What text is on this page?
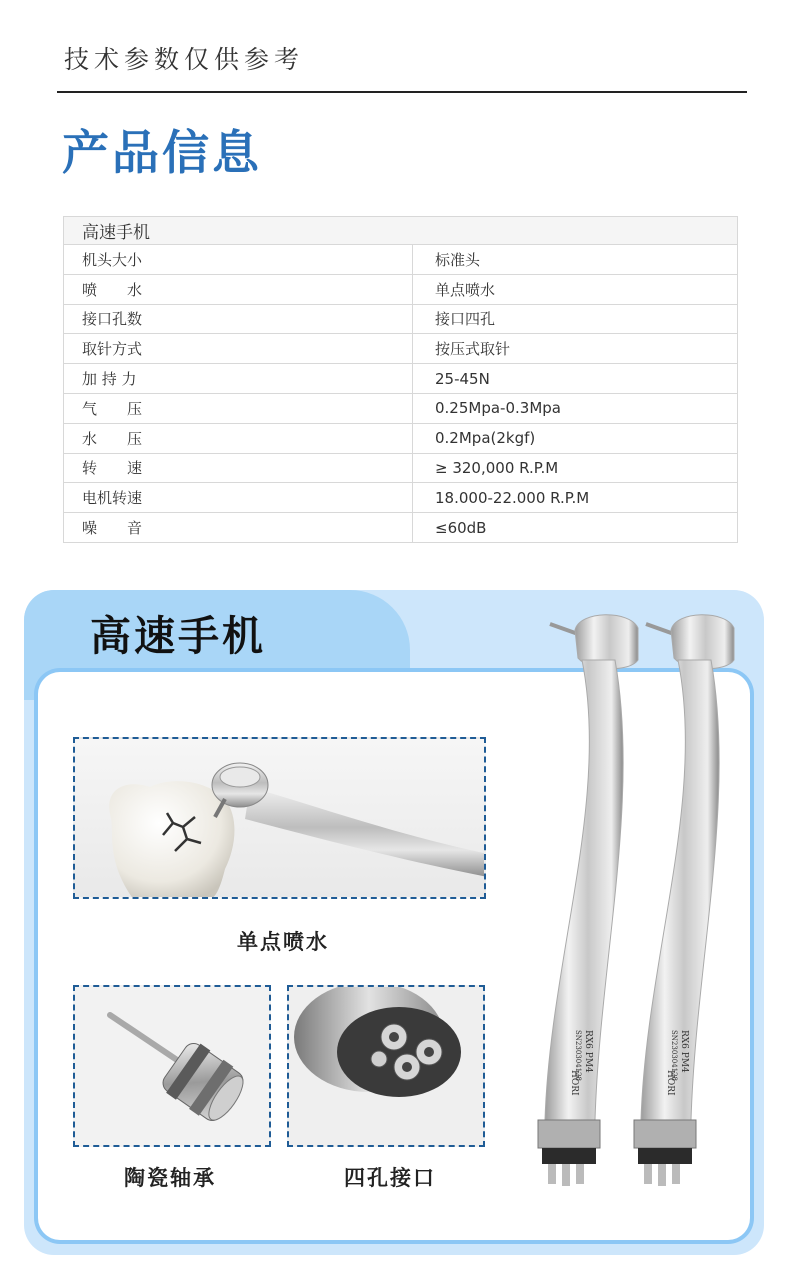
技术参数仅供参考
产品信息
高速手机	
机头大小	标准头
喷　　水	单点喷水
接口孔数	接口四孔
取针方式	按压式取针
加 持 力	25-45N
气　　压	0.25Mpa-0.3Mpa
水　　压	0.2Mpa(2kgf)
转　　速	≥ 320,000 R.P.M
电机转速	18.000-22.000 R.P.M
噪　　音	≤60dB
高速手机
单点喷水
陶瓷轴承	四孔接口
HORI
RX6 PM4
SN230304128
HORI
RX6 PM4
SN230304128
